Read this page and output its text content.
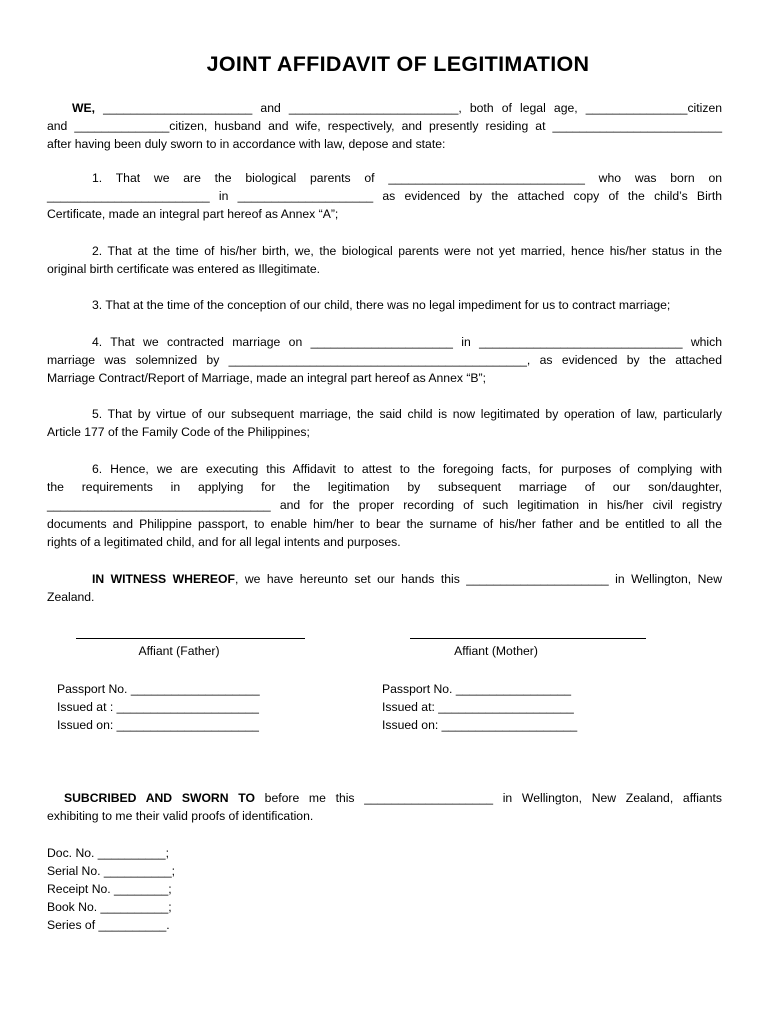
JOINT AFFIDAVIT OF LEGITIMATION
WE, ______________________ and _________________________, both of legal age, _______________citizen
and ______________citizen, husband and wife, respectively, and presently residing at _________________________
after having been duly sworn to in accordance with law, depose and state:
1. That we are the biological parents of _____________________________ who was born on
________________________ in ____________________ as evidenced by the attached copy of the child’s Birth
Certificate, made an integral part hereof as Annex “A”;
2. That at the time of his/her birth, we, the biological parents were not yet married, hence his/her status in the
original birth certificate was entered as Illegitimate.
3. That at the time of the conception of our child, there was no legal impediment for us to contract marriage;
4. That we contracted marriage on _____________________ in ______________________________ which
marriage was solemnized by ____________________________________________, as evidenced by the attached
Marriage Contract/Report of Marriage, made an integral part hereof as Annex “B”;
5. That by virtue of our subsequent marriage, the said child is now legitimated by operation of law, particularly
Article 177 of the Family Code of the Philippines;
6. Hence, we are executing this Affidavit to attest to the foregoing facts, for purposes of complying with
the requirements in applying for the legitimation by subsequent marriage of our son/daughter,
_________________________________ and for the proper recording of such legitimation in his/her civil registry
documents and Philippine passport, to enable him/her to bear the surname of his/her father and be entitled to all the
rights of a legitimated child, and for all legal intents and purposes.
IN WITNESS WHEREOF, we have hereunto set our hands this _____________________ in Wellington, New
Zealand.
Affiant (Father)	Affiant (Mother)
Passport No. ___________________
Issued at : _____________________
Issued on: _____________________
Passport No. _________________
Issued at: ____________________
Issued on: ____________________
SUBCRIBED AND SWORN TO before me this ___________________ in Wellington, New Zealand, affiants
exhibiting to me their valid proofs of identification.
Doc. No. __________;
Serial No. __________;
Receipt No. ________;
Book No. __________;
Series of __________.
